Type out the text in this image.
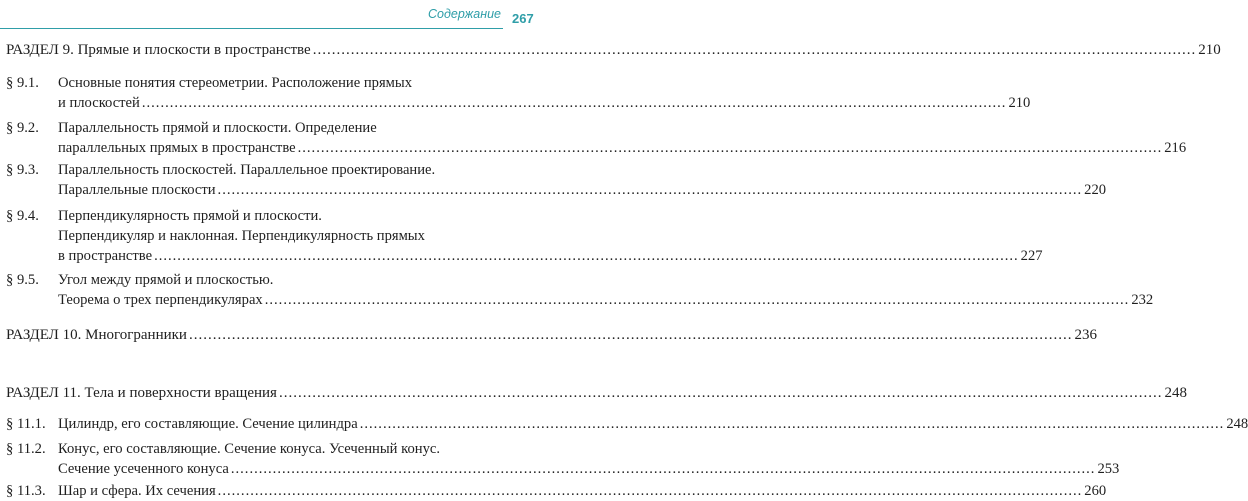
Содержание 267
РАЗДЕЛ 9. Прямые и плоскости в пространстве .......................................................................................................................................................................................... 210
§ 9.1. Основные понятия стереометрии. Расположение прямых
и плоскостей .......................................................................................................................................................................................... 210
§ 9.2. Параллельность прямой и плоскости. Определение
параллельных прямых в пространстве .......................................................................................................................................................................................... 216
§ 9.3. Параллельность плоскостей. Параллельное проектирование.
Параллельные плоскости .......................................................................................................................................................................................... 220
§ 9.4. Перпендикулярность прямой и плоскости.
Перпендикуляр и наклонная. Перпендикулярность прямых
в пространстве .......................................................................................................................................................................................... 227
§ 9.5. Угол между прямой и плоскостью.
Теорема о трех перпендикулярах .......................................................................................................................................................................................... 232
РАЗДЕЛ 10. Многогранники .......................................................................................................................................................................................... 236
РАЗДЕЛ 11. Тела и поверхности вращения .......................................................................................................................................................................................... 248
§ 11.1. Цилиндр, его составляющие. Сечение цилиндра .......................................................................................................................................................................................... 248
§ 11.2. Конус, его составляющие. Сечение конуса. Усеченный конус.
Сечение усеченного конуса .......................................................................................................................................................................................... 253
§ 11.3. Шар и сфера. Их сечения .......................................................................................................................................................................................... 260
